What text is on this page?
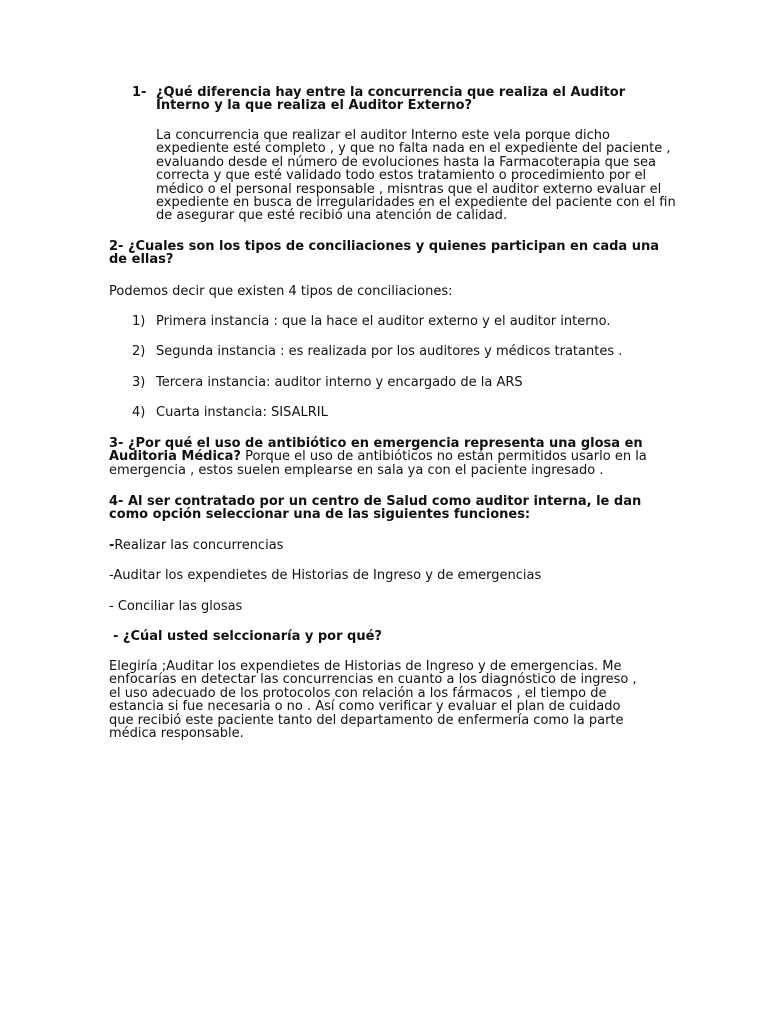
1- ¿Qué diferencia hay entre la concurrencia que realiza el Auditor Interno y la que realiza el Auditor Externo?

La concurrencia que realizar el auditor Interno este vela porque dicho expediente esté completo , y que no falta nada en el expediente del paciente , evaluando desde el número de evoluciones hasta la Farmacoterapia que sea correcta y que esté validado todo estos tratamiento o procedimiento por el médico o el personal responsable , misntras que el auditor externo evaluar el expediente en busca de irregularidades en el expediente del paciente con el fin de asegurar que esté recibió una atención de calidad.

2- ¿Cuales son los tipos de conciliaciones y quienes participan en cada una de ellas?

Podemos decir que existen 4 tipos de conciliaciones:

1) Primera instancia : que la hace el auditor externo y el auditor interno.
2) Segunda instancia : es realizada por los auditores y médicos tratantes .
3) Tercera instancia: auditor interno y encargado de la ARS
4) Cuarta instancia: SISALRIL

3- ¿Por qué el uso de antibiótico en emergencia representa una glosa en Auditoria Médica? Porque el uso de antibióticos no están permitidos usarlo en la emergencia , estos suelen emplearse en sala ya con el paciente ingresado .

4- Al ser contratado por un centro de Salud como auditor interna, le dan como opción seleccionar una de las siguientes funciones:
-Realizar las concurrencias
-Auditar los expendietes de Historias de Ingreso y de emergencias
- Conciliar las glosas
- ¿Cúal usted selccionaría y por qué?

Elegiría ;Auditar los expendietes de Historias de Ingreso y de emergencias. Me enfocarías en detectar las concurrencias en cuanto a los diagnóstico de ingreso , el uso adecuado de los protocolos con relación a los fármacos , el tiempo de estancia si fue necesaria o no . Así como verificar y evaluar el plan de cuidado que recibió este paciente tanto del departamento de enfermería como la parte médica responsable.
